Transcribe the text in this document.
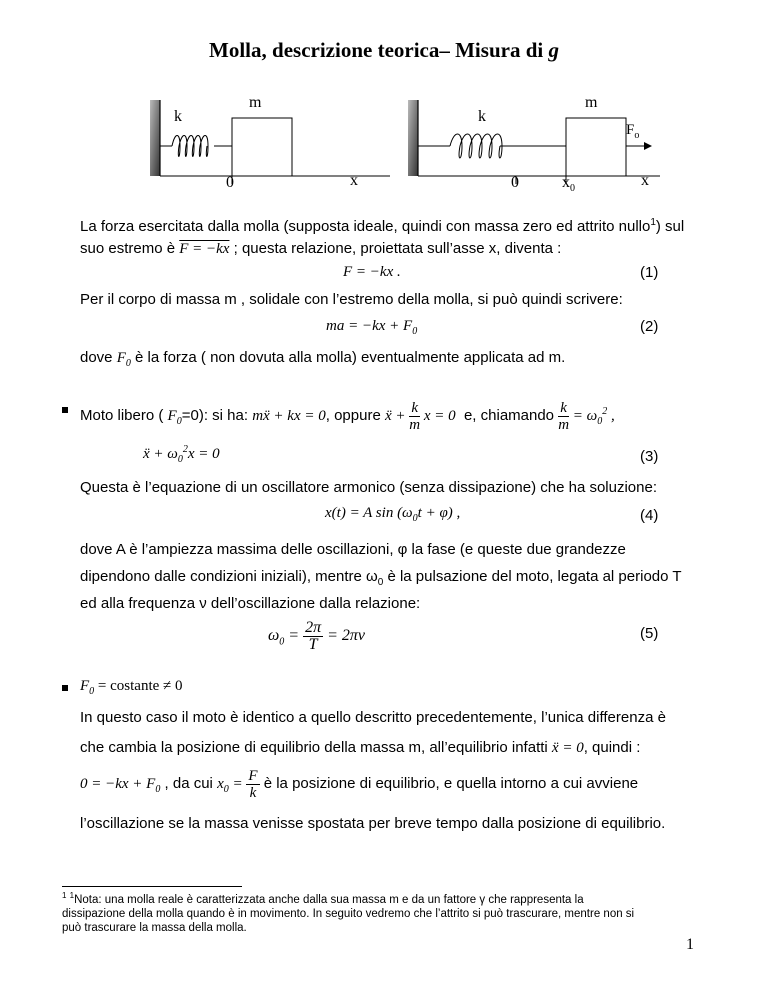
Molla, descrizione teorica– Misura di g
k
m
0	x
k
m
$F_o$
0	$x_0$	x
La forza esercitata dalla molla (supposta ideale, quindi con massa zero ed attrito nullo$^1$) sul
suo estremo è F = −kx ; questa relazione, proiettata sull’asse x, diventa :
F = −kx .	(1)
Per il corpo di massa m , solidale con l’estremo della molla, si può quindi scrivere:
ma = $-kx + F_0$	(2)
dove $F_0$ è la forza ( non dovuta alla molla) eventualmente applicata ad m.
Moto libero ( $F_0=0$): si ha: mẍ + kx = 0, oppure ẍ + $\frac{k}{m}$ x = 0 e, chiamando $\frac{k}{m} = \omega_0^2$ ,
ẍ + $\omega_0^2x = 0$	(3)
Questa è l’equazione di un oscillatore armonico (senza dissipazione) che ha soluzione:
x(t) = A $\sin (\omega_0t + \varphi)$ ,	(4)
dove A è l’ampiezza massima delle oscillazioni, φ la fase (e queste due grandezze
dipendono dalle condizioni iniziali), mentre $\omega_0$ è la pulsazione del moto, legata al periodo T
ed alla frequenza ν dell’oscillazione dalla relazione:
$\omega_0 = \frac{2\pi}{T} = 2\pi\nu$	(5)
$F_0$ = costante ≠ 0
In questo caso il moto è identico a quello descritto precedentemente, l’unica differenza è
che cambia la posizione di equilibrio della massa m, all’equilibrio infatti ẍ = 0, quindi :
$0 = -kx + F_0$ , da cui $x_0 = \frac{F}{k}$ è la posizione di equilibrio, e quella intorno a cui avviene
l’oscillazione se la massa venisse spostata per breve tempo dalla posizione di equilibrio.
$^1$ $^1$Nota: una molla reale è caratterizzata anche dalla sua massa m e da un fattore γ che rappresenta la
dissipazione della molla quando è in movimento. In seguito vedremo che l’attrito si può trascurare, mentre non si
può trascurare la massa della molla.
1
